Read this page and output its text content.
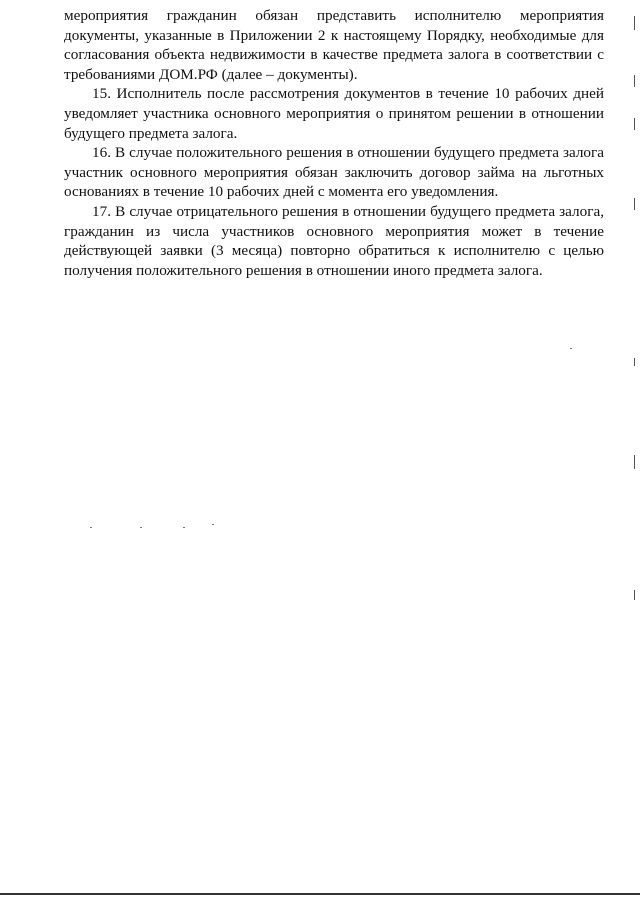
мероприятия гражданин обязан представить исполнителю мероприятия документы, указанные в Приложении 2 к настоящему Порядку, необходимые для согласования объекта недвижимости в качестве предмета залога в соответствии с требованиями ДОМ.РФ (далее – документы).

15. Исполнитель после рассмотрения документов в течение 10 рабочих дней уведомляет участника основного мероприятия о принятом решении в отношении будущего предмета залога.

16. В случае положительного решения в отношении будущего предмета залога участник основного мероприятия обязан заключить договор займа на льготных основаниях в течение 10 рабочих дней с момента его уведомления.

17. В случае отрицательного решения в отношении будущего предмета залога, гражданин из числа участников основного мероприятия может в течение действующей заявки (3 месяца) повторно обратиться к исполнителю с целью получения положительного решения в отношении иного предмета залога.
